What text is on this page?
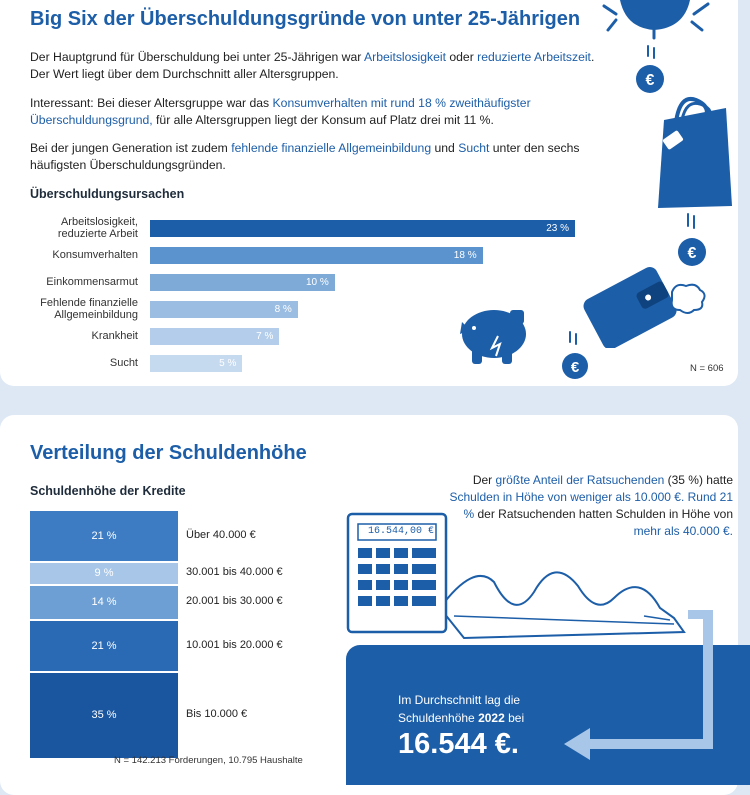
Big Six der Überschuldungsgründe von unter 25-Jährigen
Der Hauptgrund für Überschuldung bei unter 25-Jährigen war Arbeitslosigkeit oder reduzierte Arbeitszeit. Der Wert liegt über dem Durchschnitt aller Altersgruppen.
Interessant: Bei dieser Altersgruppe war das Konsumverhalten mit rund 18 % zweithäufigster Überschuldungsgrund, für alle Altersgruppen liegt der Konsum auf Platz drei mit 11 %.
Bei der jungen Generation ist zudem fehlende finanzielle Allgemeinbildung und Sucht unter den sechs häufigsten Überschuldungsgründen.
Überschuldungsursachen
23 %
Arbeitslosigkeit,
reduzierte Arbeit
18 %
Konsumverhalten
10 %
Einkommensarmut
8 %
Fehlende finanzielle
Allgemeinbildung
7 %
Krankheit
5 %
Sucht	N = 606
€
€
€
Verteilung der Schuldenhöhe
Schuldenhöhe der Kredite
21 %	Über 40.000 €
9 %	30.001 bis 40.000 €
14 %	20.001 bis 30.000 €
21 %	10.001 bis 20.000 €
35 %	Bis 10.000 €
N = 142.213 Forderungen, 10.795 Haushalte
Der größte Anteil der Ratsuchenden (35 %) hatte Schulden in Höhe von weniger als 10.000 €. Rund 21 % der Ratsuchenden hatten Schulden in Höhe von mehr als 40.000 €.
16.544,00 €
Im Durchschnitt lag die
Schuldenhöhe 2022 bei
16.544 €.
